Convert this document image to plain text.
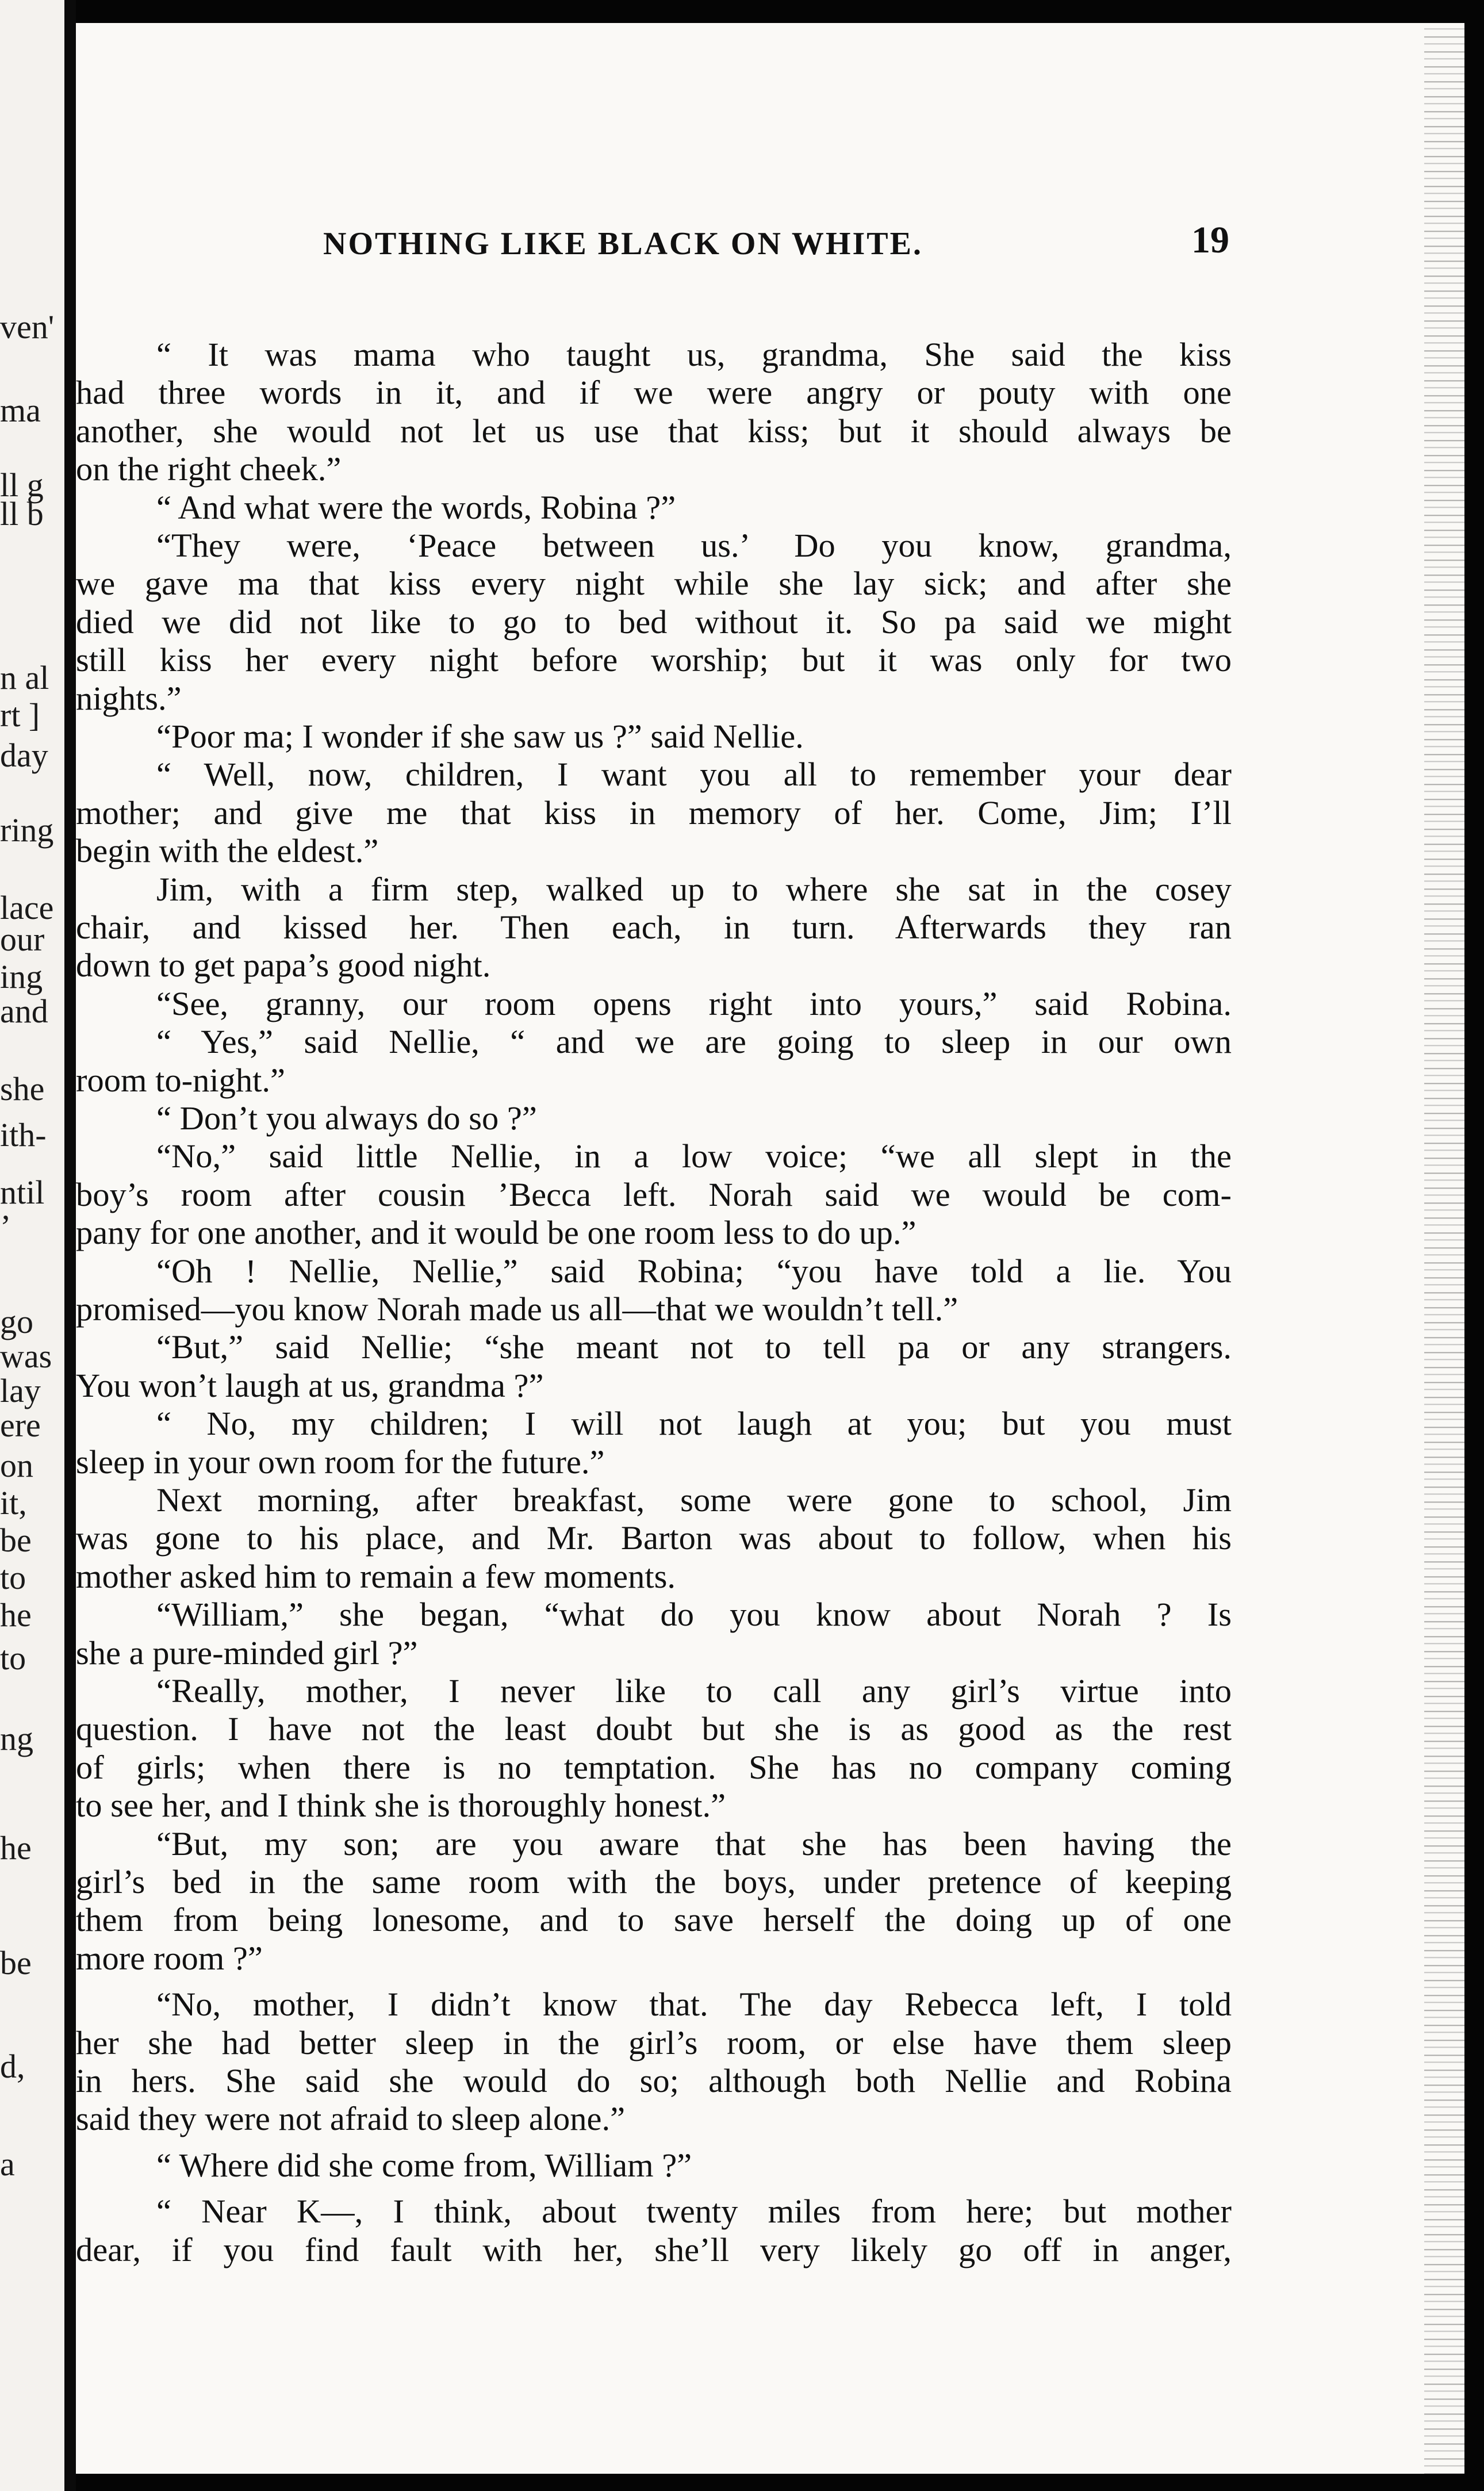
ven'
ma
ll g
ll b
n al
rt ]
day
ring
lace
our
ing
and
she
ith-
ntil
’
go
was
lay
ere
on
it,
be
to
he
to
ng
he
be
d,
a
NOTHING LIKE BLACK ON WHITE.	19
“ It was mama who taught us, grandma, She said the kiss
had three words in it, and if we were angry or pouty with one
another, she would not let us use that kiss; but it should always be
on the right cheek.”
“ And what were the words, Robina ?”
“They were, ‘Peace between us.’ Do you know, grandma,
we gave ma that kiss every night while she lay sick; and after she
died we did not like to go to bed without it. So pa said we might
still kiss her every night before worship; but it was only for two
nights.”
“Poor ma; I wonder if she saw us ?” said Nellie.
“ Well, now, children, I want you all to remember your dear
mother; and give me that kiss in memory of her. Come, Jim; I’ll
begin with the eldest.”
Jim, with a firm step, walked up to where she sat in the cosey
chair, and kissed her. Then each, in turn. Afterwards they ran
down to get papa’s good night.
“See, granny, our room opens right into yours,” said Robina.
“ Yes,” said Nellie, “ and we are going to sleep in our own
room to-night.”
“ Don’t you always do so ?”
“No,” said little Nellie, in a low voice; “we all slept in the
boy’s room after cousin ’Becca left. Norah said we would be com-
pany for one another, and it would be one room less to do up.”
“Oh ! Nellie, Nellie,” said Robina; “you have told a lie. You
promised—you know Norah made us all—that we wouldn’t tell.”
“But,” said Nellie; “she meant not to tell pa or any strangers.
You won’t laugh at us, grandma ?”
“ No, my children; I will not laugh at you; but you must
sleep in your own room for the future.”
Next morning, after breakfast, some were gone to school, Jim
was gone to his place, and Mr. Barton was about to follow, when his
mother asked him to remain a few moments.
“William,” she began, “what do you know about Norah ? Is
she a pure-minded girl ?”
“Really, mother, I never like to call any girl’s virtue into
question. I have not the least doubt but she is as good as the rest
of girls; when there is no temptation. She has no company coming
to see her, and I think she is thoroughly honest.”
“But, my son; are you aware that she has been having the
girl’s bed in the same room with the boys, under pretence of keeping
them from being lonesome, and to save herself the doing up of one
more room ?”
“No, mother, I didn’t know that. The day Rebecca left, I told
her she had better sleep in the girl’s room, or else have them sleep
in hers. She said she would do so; although both Nellie and Robina
said they were not afraid to sleep alone.”
“ Where did she come from, William ?”
“ Near K—, I think, about twenty miles from here; but mother
dear, if you find fault with her, she’ll very likely go off in anger,
